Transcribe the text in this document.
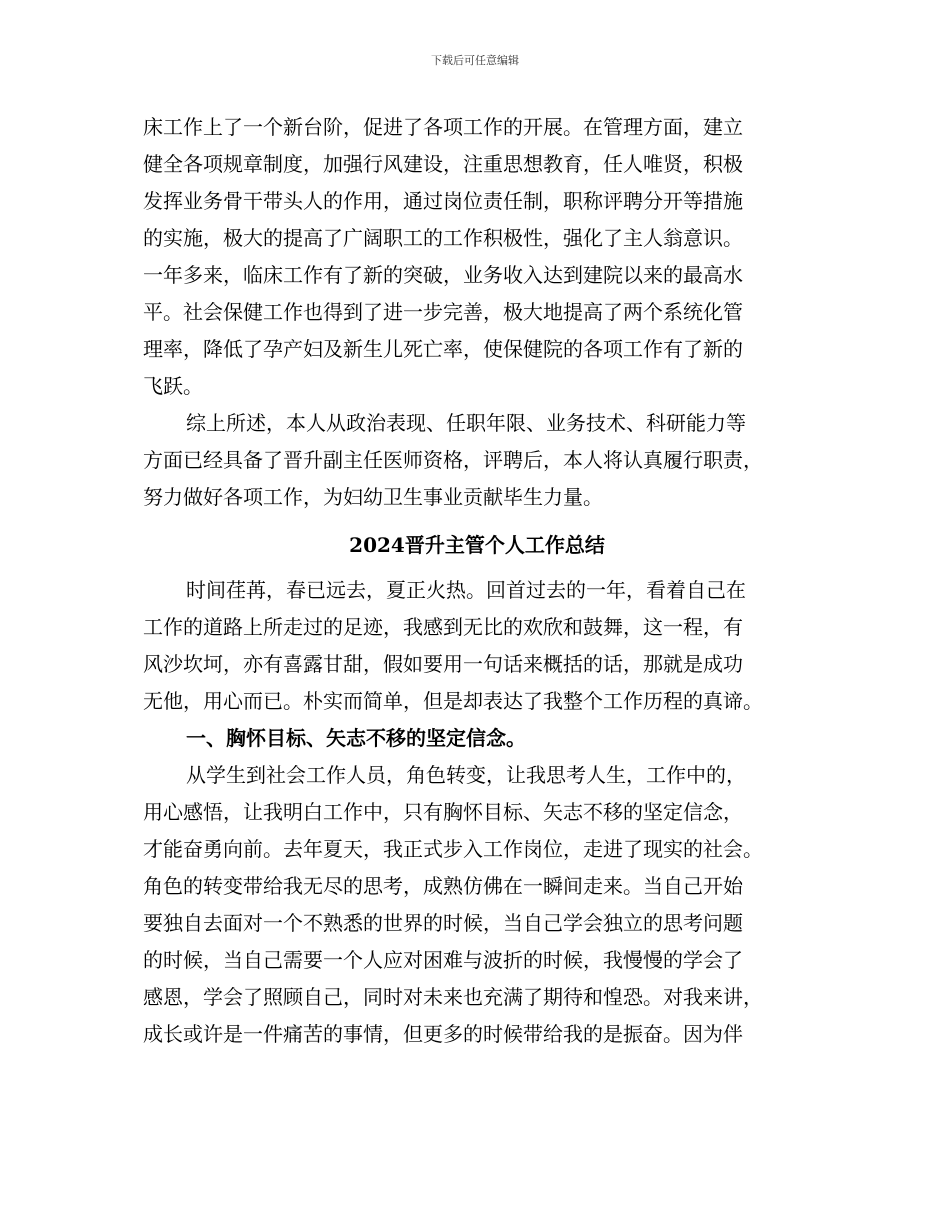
下载后可任意编辑
床工作上了一个新台阶，促进了各项工作的开展。在管理方面，建立
健全各项规章制度，加强行风建设，注重思想教育，任人唯贤，积极
发挥业务骨干带头人的作用，通过岗位责任制，职称评聘分开等措施
的实施，极大的提高了广阔职工的工作积极性，强化了主人翁意识。
一年多来，临床工作有了新的突破，业务收入达到建院以来的最高水
平。社会保健工作也得到了进一步完善，极大地提高了两个系统化管
理率，降低了孕产妇及新生儿死亡率，使保健院的各项工作有了新的
飞跃。
综上所述，本人从政治表现、任职年限、业务技术、科研能力等
方面已经具备了晋升副主任医师资格，评聘后，本人将认真履行职责，
努力做好各项工作，为妇幼卫生事业贡献毕生力量。
2024晋升主管个人工作总结
时间荏苒，春已远去，夏正火热。回首过去的一年，看着自己在
工作的道路上所走过的足迹，我感到无比的欢欣和鼓舞，这一程，有
风沙坎坷，亦有喜露甘甜，假如要用一句话来概括的话，那就是成功
无他，用心而已。朴实而简单，但是却表达了我整个工作历程的真谛。
一、胸怀目标、矢志不移的坚定信念。
从学生到社会工作人员，角色转变，让我思考人生，工作中的，
用心感悟，让我明白工作中，只有胸怀目标、矢志不移的坚定信念，
才能奋勇向前。去年夏天，我正式步入工作岗位，走进了现实的社会。
角色的转变带给我无尽的思考，成熟仿佛在一瞬间走来。当自己开始
要独自去面对一个不熟悉的世界的时候，当自己学会独立的思考问题
的时候，当自己需要一个人应对困难与波折的时候，我慢慢的学会了
感恩，学会了照顾自己，同时对未来也充满了期待和惶恐。对我来讲，
成长或许是一件痛苦的事情，但更多的时候带给我的是振奋。因为伴
